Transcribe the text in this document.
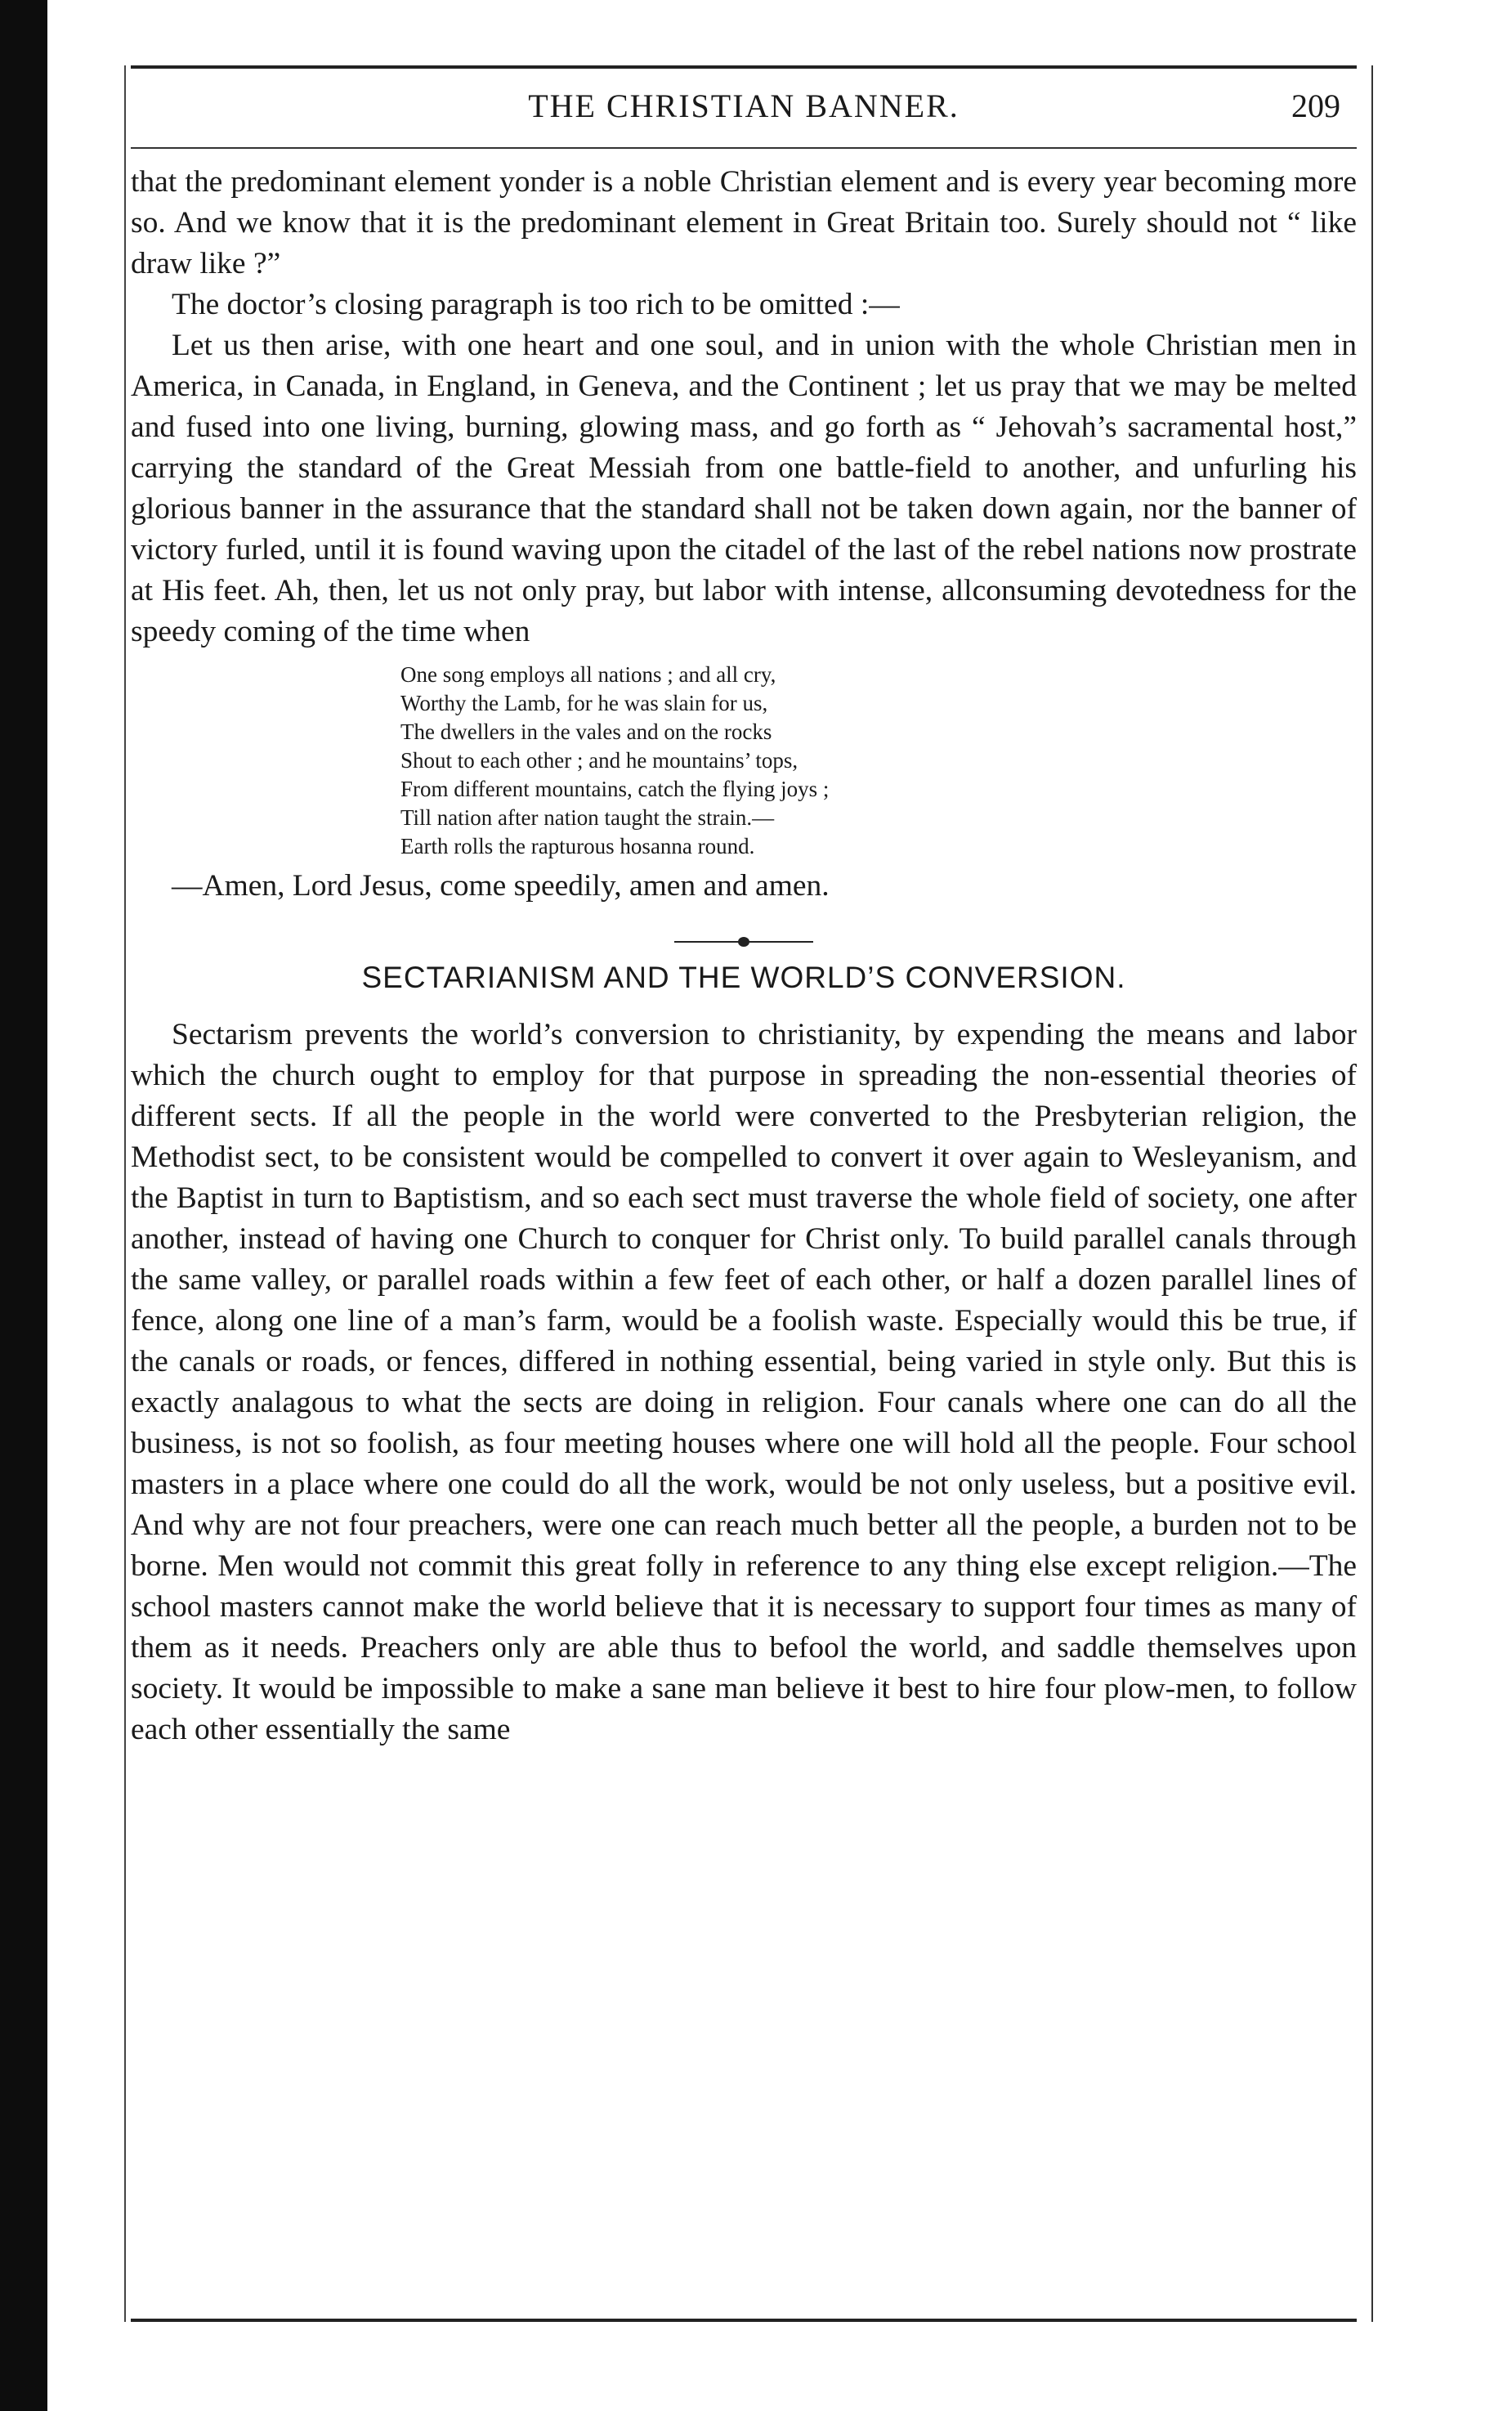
THE CHRISTIAN BANNER.	209

that the predominant element yonder is a noble Christian element and is every year becoming more so. And we know that it is the predominant element in Great Britain too. Surely should not “ like draw like ?”

The doctor’s closing paragraph is too rich to be omitted :—

Let us then arise, with one heart and one soul, and in union with the whole Christian men in America, in Canada, in England, in Geneva, and the Continent ; let us pray that we may be melted and fused into one living, burning, glowing mass, and go forth as “ Jehovah’s sacramental host,” carrying the standard of the Great Messiah from one battle-field to another, and unfurling his glorious banner in the assurance that the standard shall not be taken down again, nor the banner of victory furled, until it is found waving upon the citadel of the last of the rebel nations now prostrate at His feet. Ah, then, let us not only pray, but labor with intense, allconsuming devotedness for the speedy coming of the time when

One song employs all nations ; and all cry,
Worthy the Lamb, for he was slain for us,
The dwellers in the vales and on the rocks
Shout to each other ; and he mountains’ tops,
From different mountains, catch the flying joys ;
Till nation after nation taught the strain.—
Earth rolls the rapturous hosanna round.

—Amen, Lord Jesus, come speedily, amen and amen.

SECTARIANISM AND THE WORLD’S CONVERSION.

Sectarism prevents the world’s conversion to christianity, by expending the means and labor which the church ought to employ for that purpose in spreading the non-essential theories of different sects. If all the people in the world were converted to the Presbyterian religion, the Methodist sect, to be consistent would be compelled to convert it over again to Wesleyanism, and the Baptist in turn to Baptistism, and so each sect must traverse the whole field of society, one after another, instead of having one Church to conquer for Christ only. To build parallel canals through the same valley, or parallel roads within a few feet of each other, or half a dozen parallel lines of fence, along one line of a man’s farm, would be a foolish waste. Especially would this be true, if the canals or roads, or fences, differed in nothing essential, being varied in style only. But this is exactly analagous to what the sects are doing in religion. Four canals where one can do all the business, is not so foolish, as four meeting houses where one will hold all the people. Four school masters in a place where one could do all the work, would be not only useless, but a positive evil. And why are not four preachers, were one can reach much better all the people, a burden not to be borne. Men would not commit this great folly in reference to any thing else except religion.—The school masters cannot make the world believe that it is necessary to support four times as many of them as it needs. Preachers only are able thus to befool the world, and saddle themselves upon society. It would be impossible to make a sane man believe it best to hire four plow-men, to follow each other essentially the same
